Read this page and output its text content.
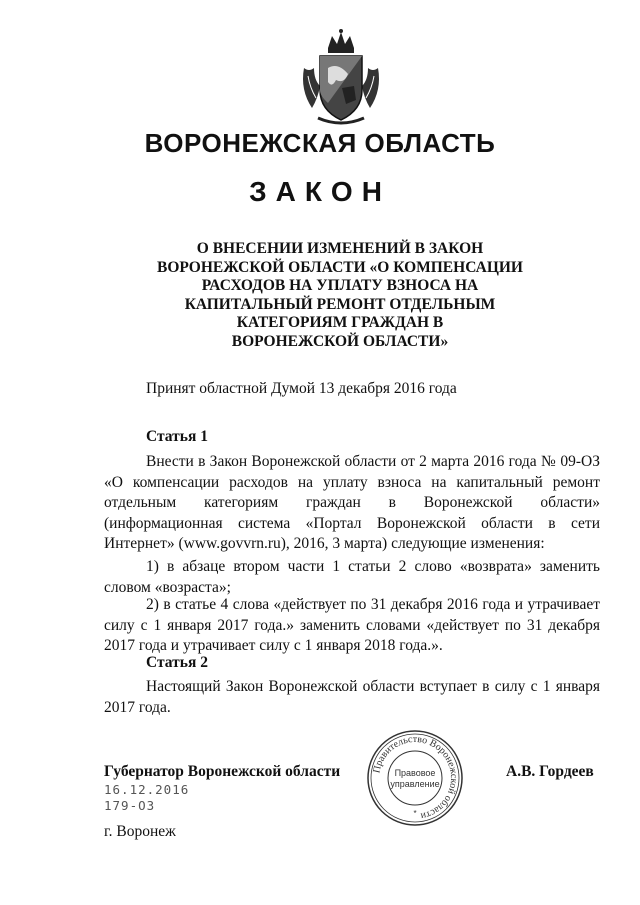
ВОРОНЕЖСКАЯ ОБЛАСТЬ
ЗАКОН
О ВНЕСЕНИИ ИЗМЕНЕНИЙ В ЗАКОН
ВОРОНЕЖСКОЙ ОБЛАСТИ «О КОМПЕНСАЦИИ
РАСХОДОВ НА УПЛАТУ ВЗНОСА НА
КАПИТАЛЬНЫЙ РЕМОНТ ОТДЕЛЬНЫМ
КАТЕГОРИЯМ ГРАЖДАН В
ВОРОНЕЖСКОЙ ОБЛАСТИ»
Принят областной Думой 13 декабря 2016 года
Статья 1

Внести в Закон Воронежской области от 2 марта 2016 года № 09-ОЗ «О компенсации расходов на уплату взноса на капитальный ремонт отдельным категориям граждан в Воронежской области» (информационная система «Портал Воронежской области в сети Интернет» (www.govvrn.ru), 2016, 3 марта) следующие изменения:

1) в абзаце втором части 1 статьи 2 слово «возврата» заменить словом «возраста»;

2) в статье 4 слова «действует по 31 декабря 2016 года и утрачивает силу с 1 января 2017 года.» заменить словами «действует по 31 декабря 2017 года и утрачивает силу с 1 января 2018 года.».

Статья 2

Настоящий Закон Воронежской области вступает в силу с 1 января 2017 года.

Губернатор Воронежской области	Правительство Воронежской области
Правовое
управление
*
А.В. Гордеев
16.12.2016
179-ОЗ
г. Воронеж
